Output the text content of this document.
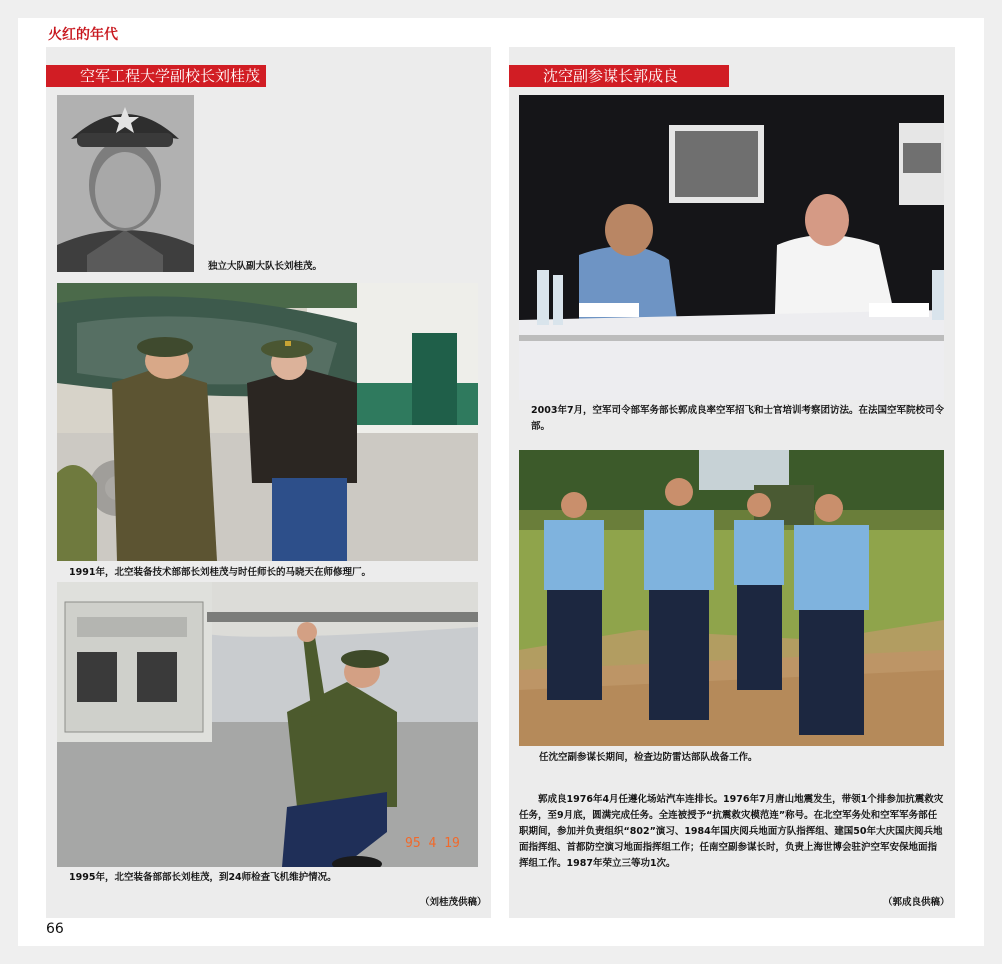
火红的年代
空军工程大学副校长刘桂茂
独立大队副大队长刘桂茂。
1991年，北空装备技术部部长刘桂茂与时任师长的马晓天在师修理厂。
95 4 19
1995年，北空装备部部长刘桂茂，到24师检查飞机维护情况。
（刘桂茂供稿）
沈空副参谋长郭成良
2003年7月，空军司令部军务部长郭成良率空军招飞和士官培训考察团访法。在法国空军院校司令部。
任沈空副参谋长期间，检查边防雷达部队战备工作。
郭成良1976年4月任遵化场站汽车连排长。1976年7月唐山地震发生，带领1个排参加抗震救灾任务，至9月底，圆满完成任务。全连被授予“抗震救灾模范连”称号。在北空军务处和空军军务部任职期间，参加并负责组织“802”演习、1984年国庆阅兵地面方队指挥组、建国50年大庆国庆阅兵地面指挥组、首都防空演习地面指挥组工作；任南空副参谋长时，负责上海世博会驻沪空军安保地面指挥组工作。1987年荣立三等功1次。
（郭成良供稿）
66
